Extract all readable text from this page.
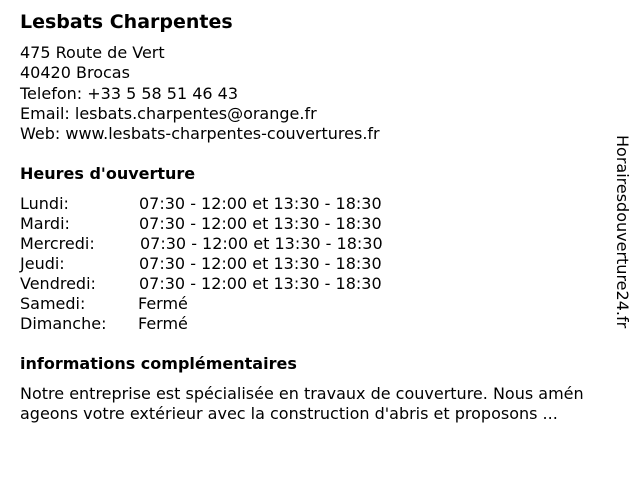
Lesbats Charpentes
475 Route de Vert
40420 Brocas
Telefon: +33 5 58 51 46 43
Email: lesbats.charpentes@orange.fr
Web: www.lesbats-charpentes-couvertures.fr
Heures d'ouverture
Lundi:	07:30 - 12:00 et 13:30 - 18:30
Mardi:	07:30 - 12:00 et 13:30 - 18:30
Mercredi:	07:30 - 12:00 et 13:30 - 18:30
Jeudi:	07:30 - 12:00 et 13:30 - 18:30
Vendredi:	07:30 - 12:00 et 13:30 - 18:30
Samedi:	Fermé
Dimanche: Fermé
informations complémentaires
Notre entreprise est spécialisée en travaux de couverture. Nous amén
ageons votre extérieur avec la construction d'abris et proposons ...
Horairesdouverture24.fr
